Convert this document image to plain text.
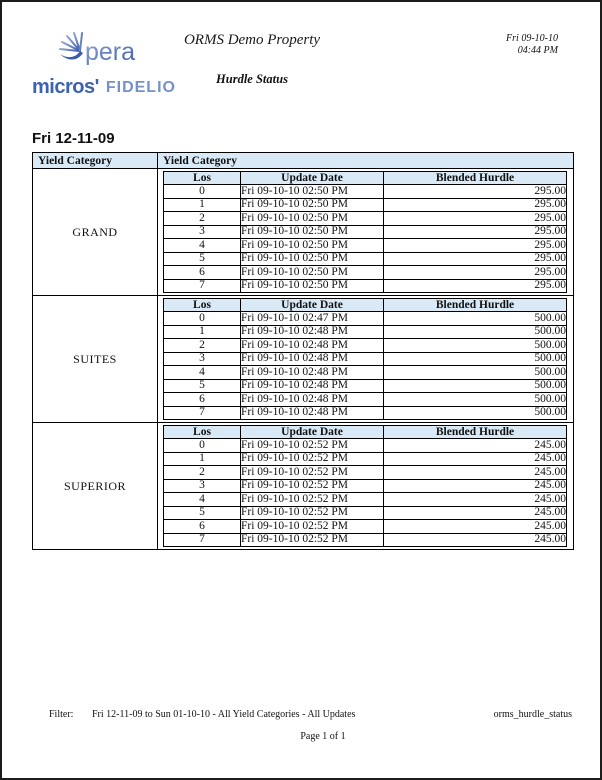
pera
micros' FIDELIO
ORMS Demo Property
Hurdle Status
Fri 09-10-10
04:44 PM
Fri 12-11-09
Yield Category	Yield Category
GRAND	
Los	Update Date	Blended Hurdle
0	Fri 09-10-10 02:50 PM	295.00
1	Fri 09-10-10 02:50 PM	295.00
2	Fri 09-10-10 02:50 PM	295.00
3	Fri 09-10-10 02:50 PM	295.00
4	Fri 09-10-10 02:50 PM	295.00
5	Fri 09-10-10 02:50 PM	295.00
6	Fri 09-10-10 02:50 PM	295.00
7	Fri 09-10-10 02:50 PM	295.00

SUITES	
Los	Update Date	Blended Hurdle
0	Fri 09-10-10 02:47 PM	500.00
1	Fri 09-10-10 02:48 PM	500.00
2	Fri 09-10-10 02:48 PM	500.00
3	Fri 09-10-10 02:48 PM	500.00
4	Fri 09-10-10 02:48 PM	500.00
5	Fri 09-10-10 02:48 PM	500.00
6	Fri 09-10-10 02:48 PM	500.00
7	Fri 09-10-10 02:48 PM	500.00

SUPERIOR	
Los	Update Date	Blended Hurdle
0	Fri 09-10-10 02:52 PM	245.00
1	Fri 09-10-10 02:52 PM	245.00
2	Fri 09-10-10 02:52 PM	245.00
3	Fri 09-10-10 02:52 PM	245.00
4	Fri 09-10-10 02:52 PM	245.00
5	Fri 09-10-10 02:52 PM	245.00
6	Fri 09-10-10 02:52 PM	245.00
7	Fri 09-10-10 02:52 PM	245.00
Filter: Fri 12-11-09 to Sun 01-10-10 - All Yield Categories - All Updates	orms_hurdle_status
Page 1 of 1
